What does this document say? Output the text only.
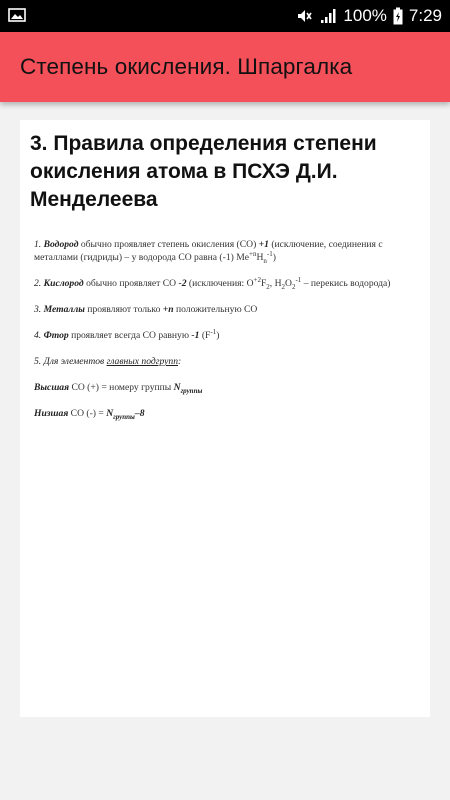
100% 7:29
Степень окисления. Шпаргалка
3. Правила определения степени окисления атома в ПСХЭ Д.И. Менделеева
1. Водород обычно проявляет степень окисления (СО) +1 (исключение, соединения с металлами (гидриды) – у водорода СО равна (-1) $Me^{+n}H_n^{-1}$)
2. Кислород обычно проявляет СО -2 (исключения: $O^{+2}F_2$, $H_2O_2^{-1}$ – перекись водорода)
3. Металлы проявляют только +n положительную СО
4. Фтор проявляет всегда СО равную -1 $(F^{-1})$
5. Для элементов главных подгрупп:
Высшая СО (+) = номеру группы $N_{группы}$
Низшая СО (-) = $N_{группы}-8$
